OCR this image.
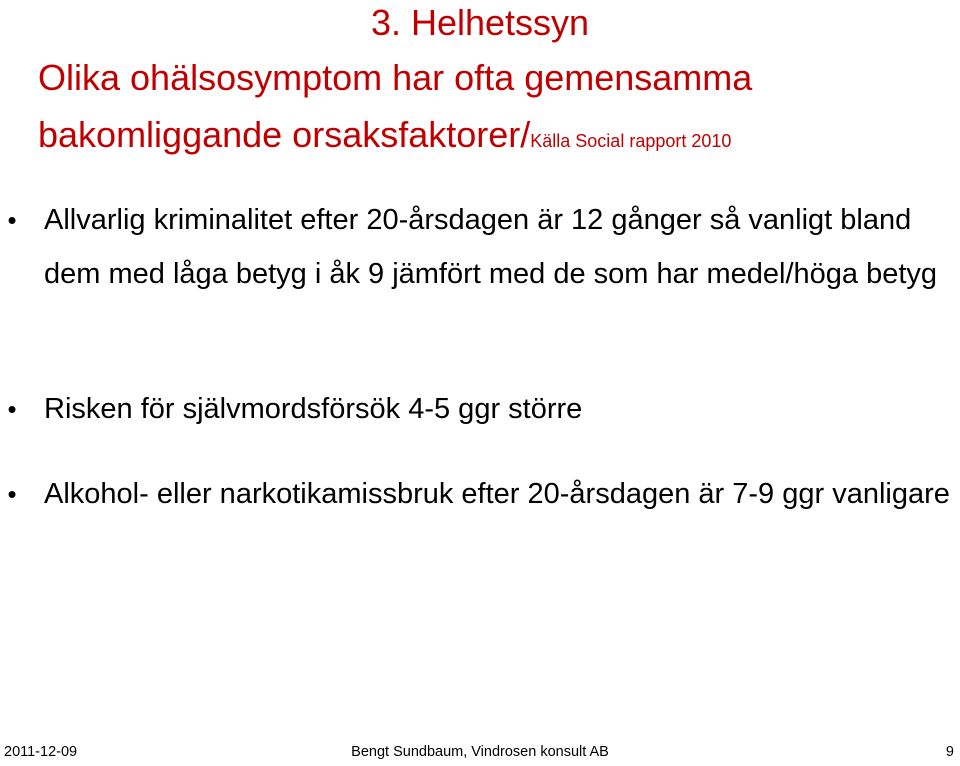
3. Helhetssyn
Olika ohälsosymptom har ofta gemensamma
bakomliggande orsaksfaktorer/Källa Social rapport 2010
• Allvarlig kriminalitet efter 20-årsdagen är 12 gånger så vanligt bland dem med låga betyg i åk 9 jämfört med de som har medel/höga betyg
• Risken för självmordsförsök 4-5 ggr större
• Alkohol- eller narkotikamissbruk efter 20-årsdagen är 7-9 ggr vanligare
2011-12-09	Bengt Sundbaum, Vindrosen konsult AB	9
